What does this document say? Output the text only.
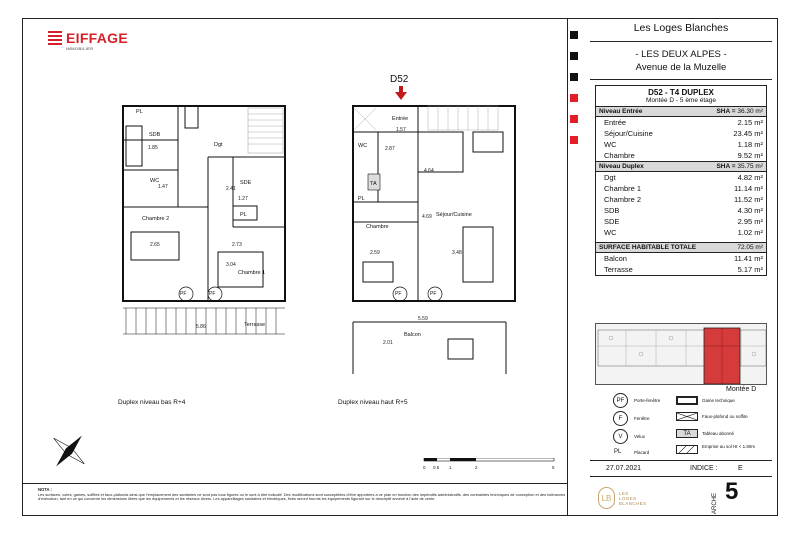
EIFFAGE
IMMOBILIER
Les Loges Blanches
- LES DEUX ALPES -
Avenue de la Muzelle
D52 - T4 DUPLEX
Montée D - 5 ème étage
Niveau Entrée	SHA = 36.30 m²
Entrée	2.15 m²
Séjour/Cuisine	23.45 m²
WC	1.18 m²
Chambre	9.52 m²
Niveau Duplex	SHA = 35.75 m²
Dgt	4.82 m²
Chambre 1	11.14 m²
Chambre 2	11.52 m²
SDB	4.30 m²
SDE	2.95 m²
WC	1.02 m²
SURFACE HABITABLE TOTALE	72.05 m²
Balcon	11.41 m²
Terrasse	5.17 m²
Montée D
PF	Porte-fenêtre
F	Fenêtre
V	Velux
PL	Placard
Gaine technique
Faux-plafond ou soffite
TA	Tableau abonné
Emprise au sol Ht < 1.80m
27.07.2021	INDICE :	E
LB
LES
LOGES
BLANCHES	ARCHE 5
NOTA :
Les surfaces, cotes, gaines, soffites et faux-plafonds ainsi que l'emplacement des sanitaires ne sont pas tous figurés ou le sont à titre indicatif. Des modifications sont susceptibles d'être apportées à ce plan en fonction des impératifs administratifs, des contraintes techniques de conception et des tolérances d'exécution, tant en ce qui concerne les dimensions libres que les équipements et les réseaux divers. Les appareillages sanitaires et électriques, fixés seront fournis les équipements figurant sur le descriptif annexé à l'acte de vente.
D52
PL
SDB
Dgt
WC	SDE
PL
Chambre 2
Chambre 1
Terrasse
PF	PF
1.85
1.47	2.41
1.27
2.65	2.73
3.04
5.86
Duplex niveau bas R+4
Entrée
WC
TA
PL
Chambre
Séjour/Cuisine
Balcon
PF	PF
1.57
2.87
4.64
2.59	3.48
4.69
5.59
2.01
Duplex niveau haut R+5
0 0.5 1	2	5
